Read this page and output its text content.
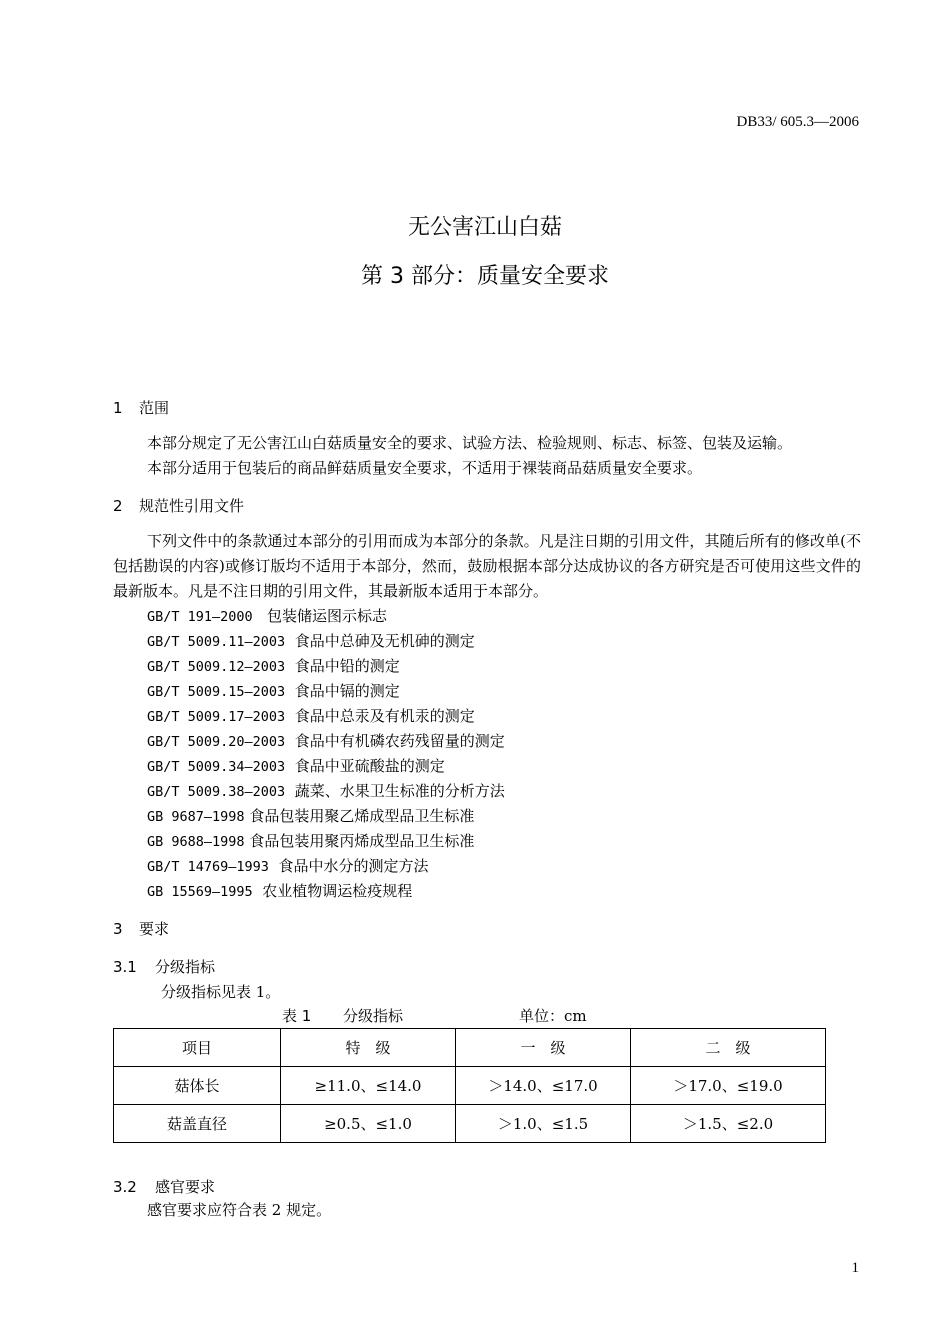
DB33/ 605.3—2006
无公害江山白菇
第 3 部分：质量安全要求
1 范围
本部分规定了无公害江山白菇质量安全的要求、试验方法、检验规则、标志、标签、包装及运输。
本部分适用于包装后的商品鲜菇质量安全要求，不适用于裸装商品菇质量安全要求。
2 规范性引用文件
下列文件中的条款通过本部分的引用而成为本部分的条款。凡是注日期的引用文件，其随后所有的修改单(不包括勘误的内容)或修订版均不适用于本部分，然而，鼓励根据本部分达成协议的各方研究是否可使用这些文件的最新版本。凡是不注日期的引用文件，其最新版本适用于本部分。
GB/T 191—2000 包装储运图示标志
GB/T 5009.11—2003 食品中总砷及无机砷的测定
GB/T 5009.12—2003 食品中铅的测定
GB/T 5009.15—2003 食品中镉的测定
GB/T 5009.17—2003 食品中总汞及有机汞的测定
GB/T 5009.20—2003 食品中有机磷农药残留量的测定
GB/T 5009.34—2003 食品中亚硫酸盐的测定
GB/T 5009.38—2003 蔬菜、水果卫生标准的分析方法
GB 9687—1998 食品包装用聚乙烯成型品卫生标准
GB 9688—1998 食品包装用聚丙烯成型品卫生标准
GB/T 14769—1993 食品中水分的测定方法
GB 15569—1995 农业植物调运检疫规程
3 要求
3.1 分级指标
分级指标见表 1。
表 1 分级指标	单位：cm
项目	特　级	一　级	二　级
菇体长	≥11.0、≤14.0	＞14.0、≤17.0	＞17.0、≤19.0
菇盖直径	≥0.5、≤1.0	＞1.0、≤1.5	＞1.5、≤2.0
3.2 感官要求
感官要求应符合表 2 规定。
1
